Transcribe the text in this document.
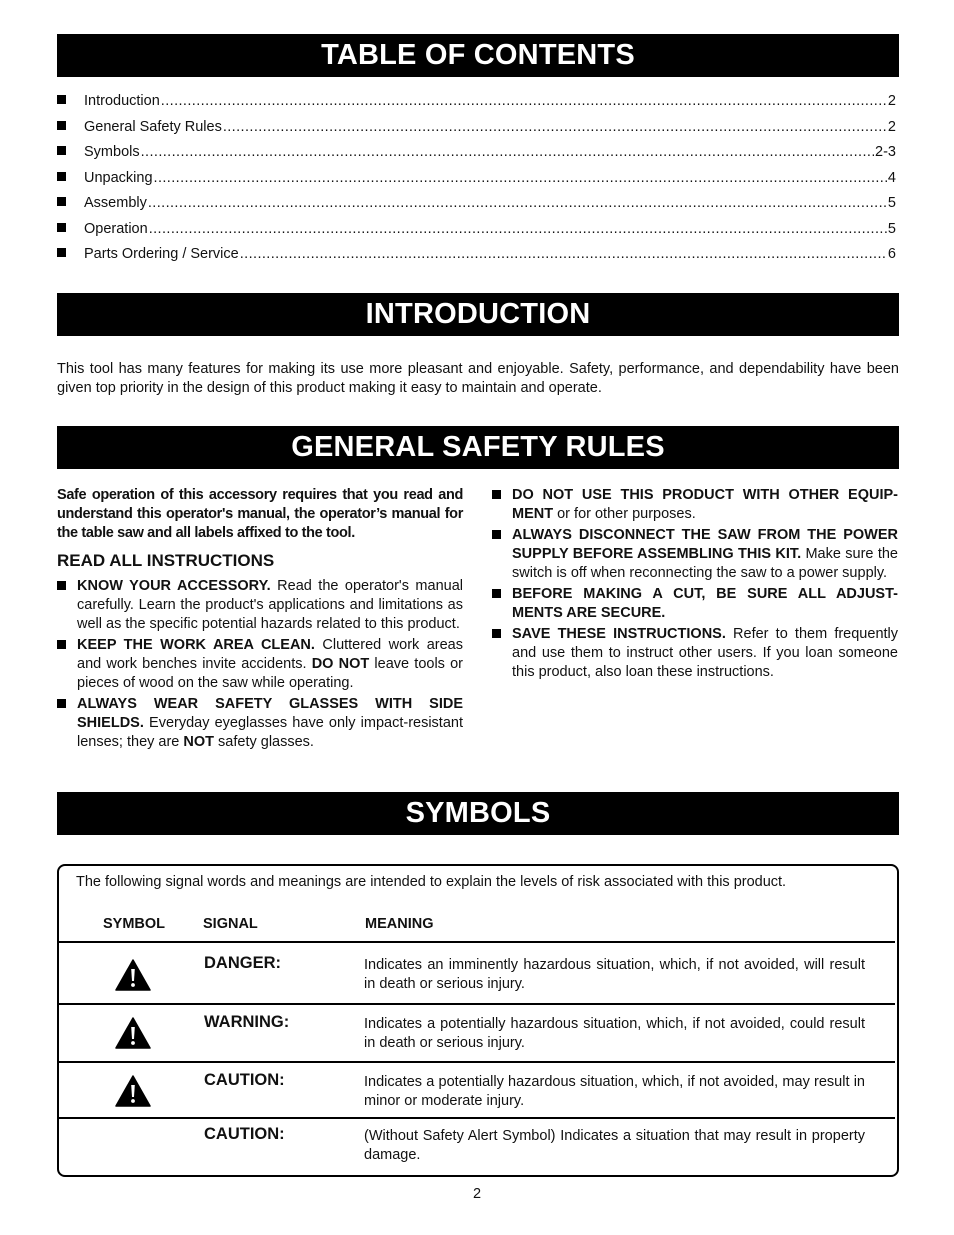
TABLE OF CONTENTS
Introduction .....	2
General Safety Rules .....	2
Symbols .....	2-3
Unpacking .....	4
Assembly .....	5
Operation .....	5
Parts Ordering / Service .....	6
INTRODUCTION
This tool has many features for making its use more pleasant and enjoyable. Safety, performance, and dependability have been given top priority in the design of this product making it easy to maintain and operate.
GENERAL SAFETY RULES
Safe operation of this accessory requires that you read and understand this operator's manual, the operator’s manual for the table saw and all labels affixed to the tool.
READ ALL INSTRUCTIONS
KNOW YOUR ACCESSORY. Read the operator's manual carefully. Learn the product's applications and limitations as well as the specific potential hazards related to this product.
KEEP THE WORK AREA CLEAN. Cluttered work areas and work benches invite accidents. DO NOT leave tools or pieces of wood on the saw while operating.
ALWAYS WEAR SAFETY GLASSES WITH SIDE SHIELDS. Everyday eyeglasses have only impact-resistant lenses; they are NOT safety glasses.
DO NOT USE THIS PRODUCT WITH OTHER EQUIP-MENT or for other purposes.
ALWAYS DISCONNECT THE SAW FROM THE POWER SUPPLY BEFORE ASSEMBLING THIS KIT. Make sure the switch is off when reconnecting the saw to a power supply.
BEFORE MAKING A CUT, BE SURE ALL ADJUST-MENTS ARE SECURE.
SAVE THESE INSTRUCTIONS. Refer to them frequently and use them to instruct other users. If you loan someone this product, also loan these instructions.
SYMBOLS
The following signal words and meanings are intended to explain the levels of risk associated with this product.
SYMBOL	SIGNAL	MEANING
DANGER:	Indicates an imminently hazardous situation, which, if not avoided, will result in death or serious injury.
WARNING:	Indicates a potentially hazardous situation, which, if not avoided, could result in death or serious injury.
CAUTION:	Indicates a potentially hazardous situation, which, if not avoided, may result in minor or moderate injury.
CAUTION:	(Without Safety Alert Symbol) Indicates a situation that may result in property damage.
2
